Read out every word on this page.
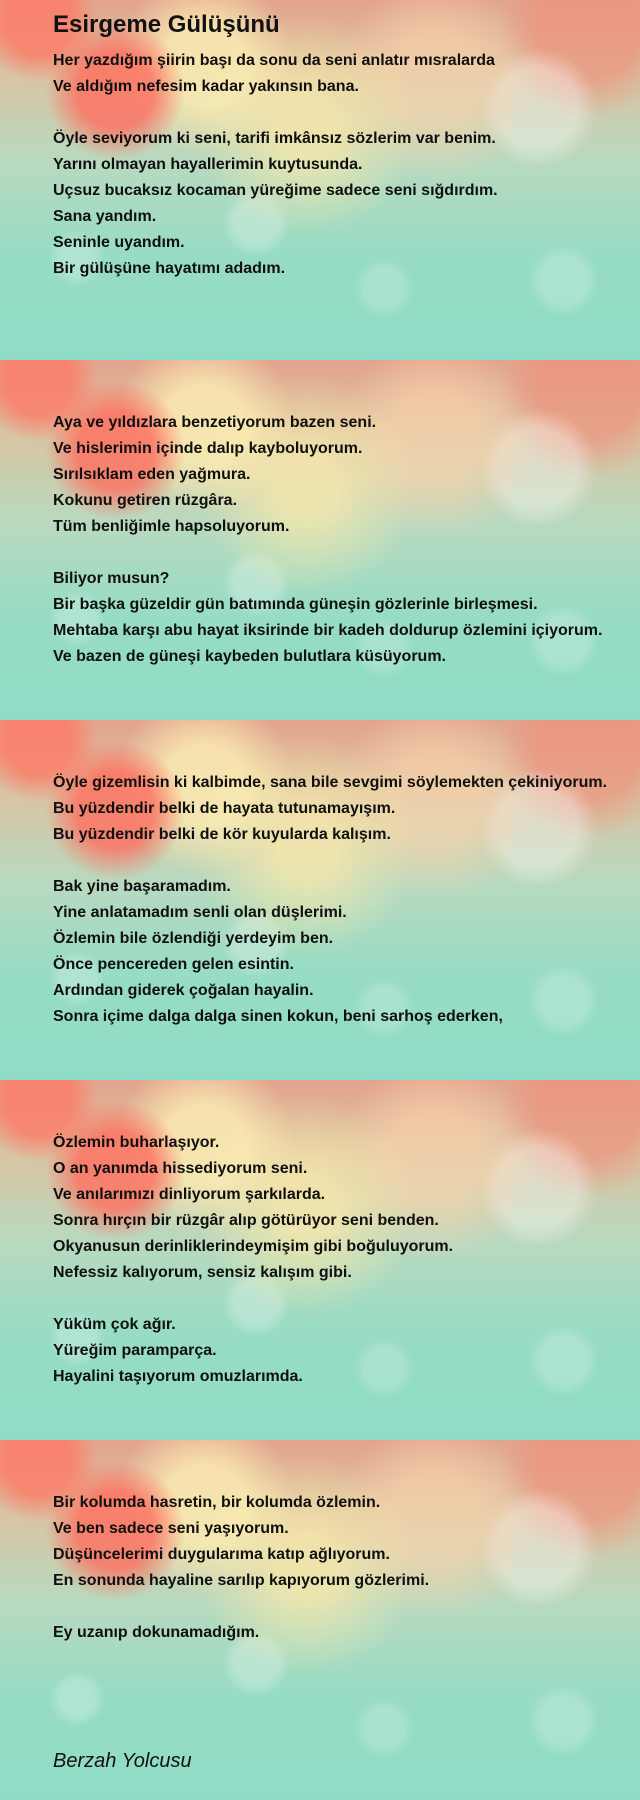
Esirgeme Gülüşünü
Her yazdığım şiirin başı da sonu da seni anlatır mısralarda
Ve aldığım nefesim kadar yakınsın bana.
Öyle seviyorum ki seni, tarifi imkânsız sözlerim var benim.
Yarını olmayan hayallerimin kuytusunda.
Uçsuz bucaksız kocaman yüreğime sadece seni sığdırdım.
Sana yandım.
Seninle uyandım.
Bir gülüşüne hayatımı adadım.
Aya ve yıldızlara benzetiyorum bazen seni.
Ve hislerimin içinde dalıp kayboluyorum.
Sırılsıklam eden yağmura.
Kokunu getiren rüzgâra.
Tüm benliğimle hapsoluyorum.
Biliyor musun?
Bir başka güzeldir gün batımında güneşin gözlerinle birleşmesi.
Mehtaba karşı abu hayat iksirinde bir kadeh doldurup özlemini içiyorum.
Ve bazen de güneşi kaybeden bulutlara küsüyorum.
Öyle gizemlisin ki kalbimde, sana bile sevgimi söylemekten çekiniyorum.
Bu yüzdendir belki de hayata tutunamayışım.
Bu yüzdendir belki de kör kuyularda kalışım.
Bak yine başaramadım.
Yine anlatamadım senli olan düşlerimi.
Özlemin bile özlendiği yerdeyim ben.
Önce pencereden gelen esintin.
Ardından giderek çoğalan hayalin.
Sonra içime dalga dalga sinen kokun, beni sarhoş ederken,
Özlemin buharlaşıyor.
O an yanımda hissediyorum seni.
Ve anılarımızı dinliyorum şarkılarda.
Sonra hırçın bir rüzgâr alıp götürüyor seni benden.
Okyanusun derinliklerindeymişim gibi boğuluyorum.
Nefessiz kalıyorum, sensiz kalışım gibi.
Yüküm çok ağır.
Yüreğim paramparça.
Hayalini taşıyorum omuzlarımda.
Bir kolumda hasretin, bir kolumda özlemin.
Ve ben sadece seni yaşıyorum.
Düşüncelerimi duygularıma katıp ağlıyorum.
En sonunda hayaline sarılıp kapıyorum gözlerimi.
Ey uzanıp dokunamadığım.
Berzah Yolcusu
